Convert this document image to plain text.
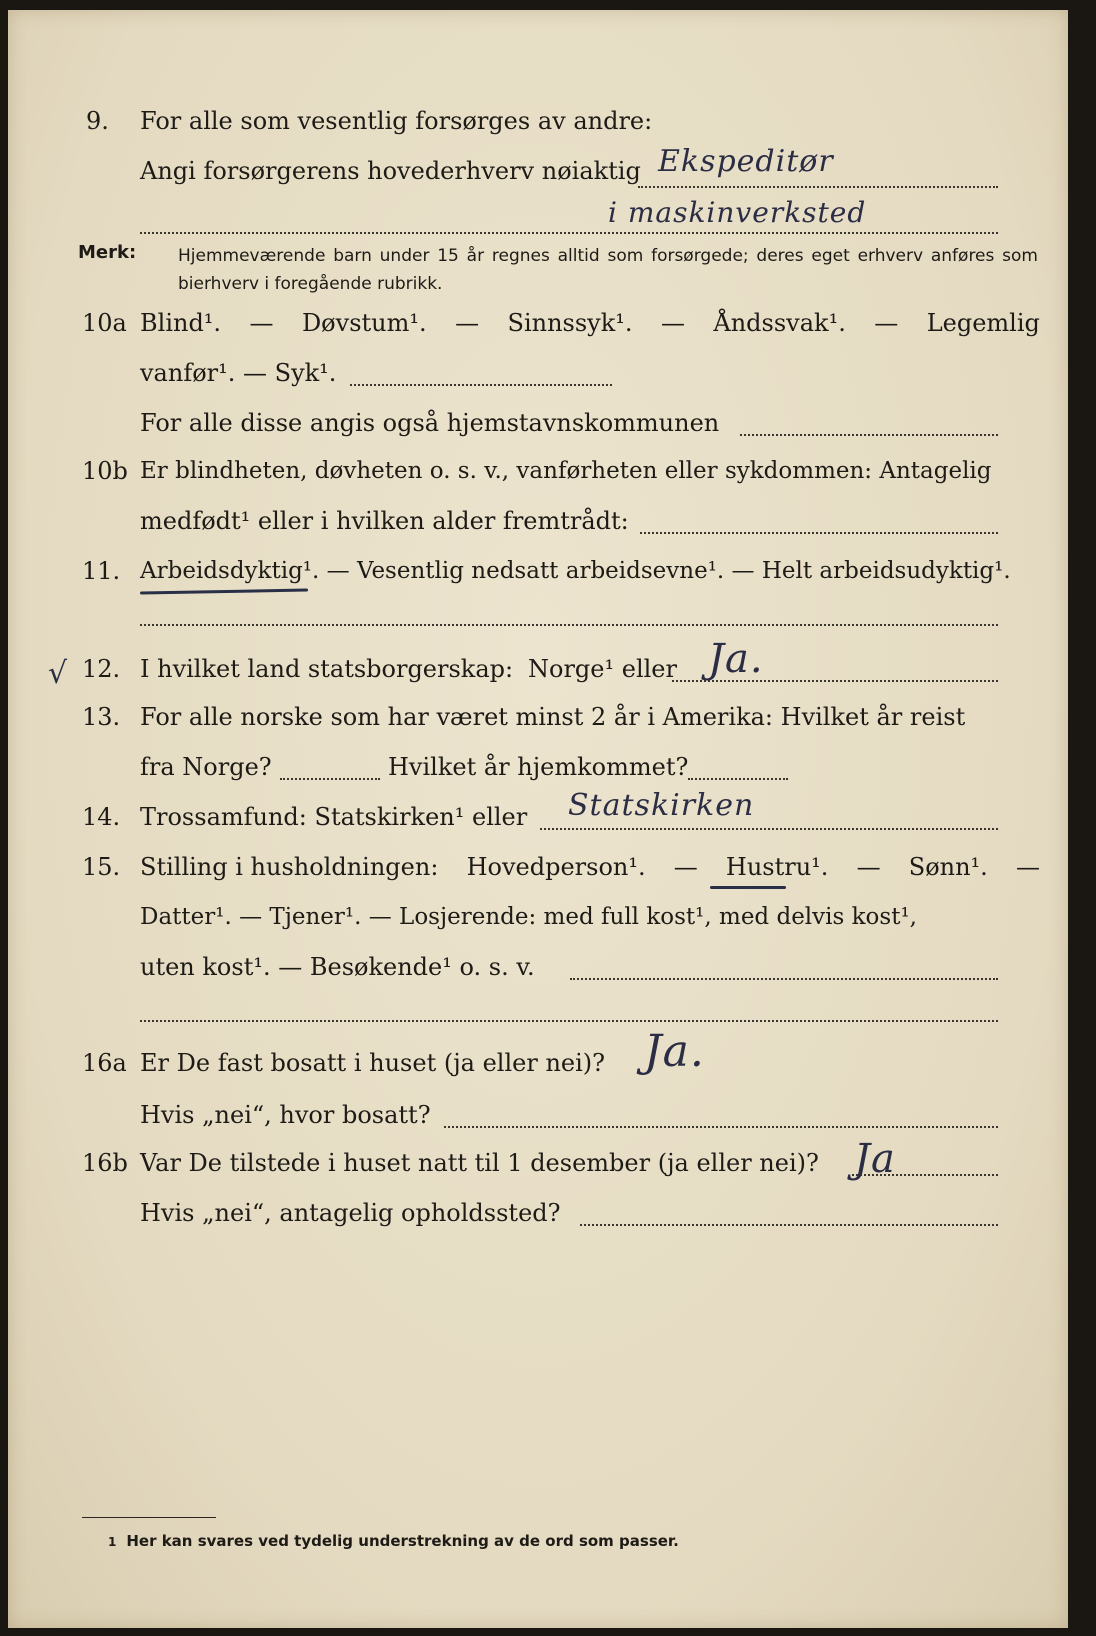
9. For alle som vesentlig forsørges av andre:
Angi forsørgerens hovederhverv nøiaktig Ekspeditør
i maskinverksted
Merk: Hjemmeværende barn under 15 år regnes alltid som forsørgede; deres eget erhverv anføres som bierhverv i foregående rubrikk.
10a Blind¹. — Døvstum¹. — Sinnssyk¹. — Åndssvak¹. — Legemlig
vanfør¹. — Syk¹.
For alle disse angis også hjemstavnskommunen
10b Er blindheten, døvheten o. s. v., vanførheten eller sykdommen: Antagelig
medfødt¹ eller i hvilken alder fremtrådt:
11. Arbeidsdyktig¹. — Vesentlig nedsatt arbeidsevne¹. — Helt arbeidsudyktig¹.
√ 12. I hvilket land statsborgerskap: Norge¹ eller Ja.
13. For alle norske som har været minst 2 år i Amerika: Hvilket år reist
fra Norge?	Hvilket år hjemkommet?
14. Trossamfund: Statskirken¹ eller Statskirken
15. Stilling i husholdningen: Hovedperson¹. — Hustru¹. — Sønn¹. —
Datter¹. — Tjener¹. — Losjerende: med full kost¹, med delvis kost¹,
uten kost¹. — Besøkende¹ o. s. v.
16a Er De fast bosatt i huset (ja eller nei)? Ja.
Hvis „nei“, hvor bosatt?
16b Var De tilstede i huset natt til 1 desember (ja eller nei)? Ja
Hvis „nei“, antagelig opholdssted?
1 Her kan svares ved tydelig understrekning av de ord som passer.
